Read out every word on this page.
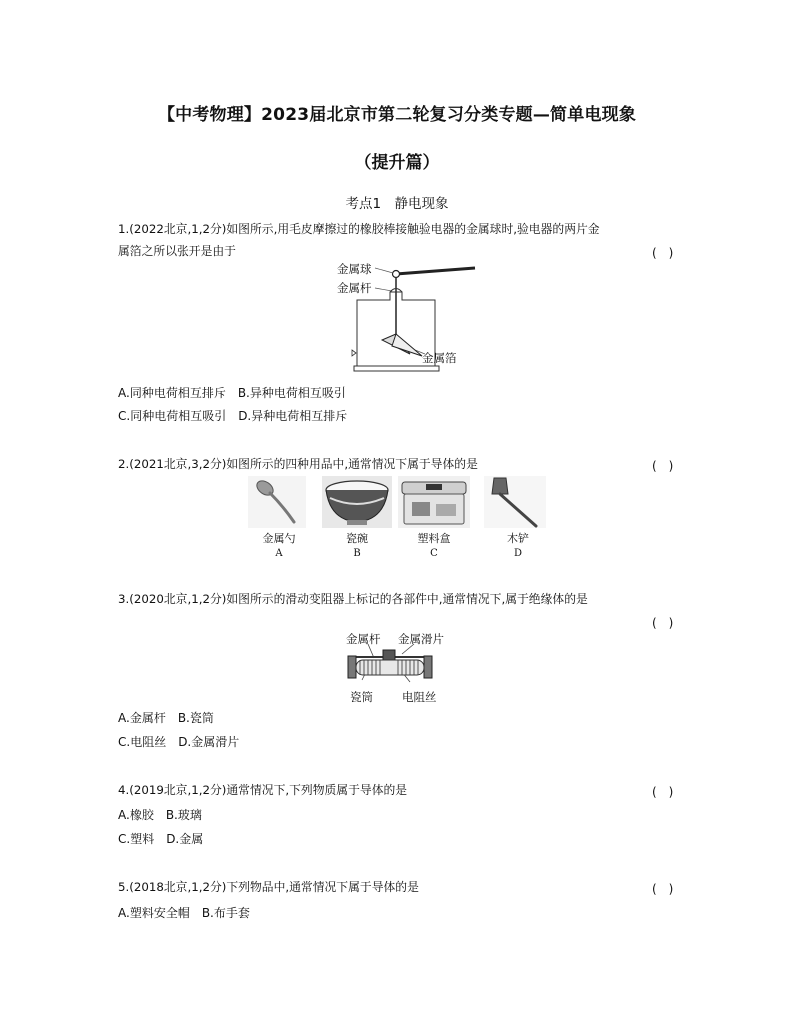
【中考物理】2023届北京市第二轮复习分类专题—简单电现象
（提升篇）
考点1　静电现象
1.(2022北京,1,2分)如图所示,用毛皮摩擦过的橡胶棒接触验电器的金属球时,验电器的两片金
属箔之所以张开是由于	(　)
金属球
金属杆
金属箔
A.同种电荷相互排斥　B.异种电荷相互吸引
C.同种电荷相互吸引　D.异种电荷相互排斥
2.(2021北京,3,2分)如图所示的四种用品中,通常情况下属于导体的是	(　)
金属勺
A
瓷碗
B
塑料盒
C
木铲
D
3.(2020北京,1,2分)如图所示的滑动变阻器上标记的各部件中,通常情况下,属于绝缘体的是
(　)
金属杆 金属滑片
瓷筒	电阻丝
A.金属杆　B.瓷筒
C.电阻丝　D.金属滑片
4.(2019北京,1,2分)通常情况下,下列物质属于导体的是	(　)
A.橡胶　B.玻璃
C.塑料　D.金属
5.(2018北京,1,2分)下列物品中,通常情况下属于导体的是	(　)
A.塑料安全帽　B.布手套
